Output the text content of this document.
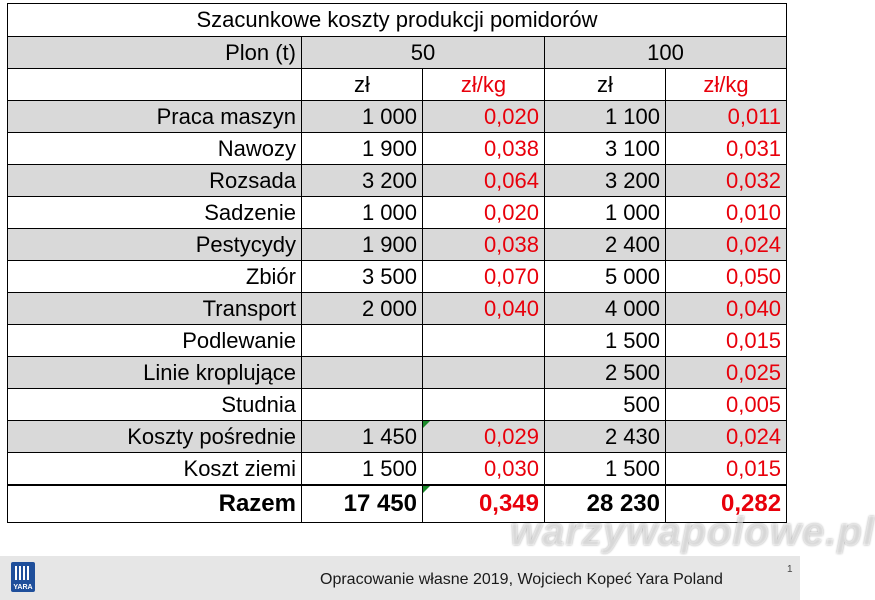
Szacunkowe koszty produkcji pomidorów				
Plon (t)	50		100	
	zł	zł/kg	zł	zł/kg
Praca maszyn	1 000	0,020	1 100	0,011
Nawozy	1 900	0,038	3 100	0,031
Rozsada	3 200	0,064	3 200	0,032
Sadzenie	1 000	0,020	1 000	0,010
Pestycydy	1 900	0,038	2 400	0,024
Zbiór	3 500	0,070	5 000	0,050
Transport	2 000	0,040	4 000	0,040
Podlewanie			1 500	0,015
Linie kroplujące			2 500	0,025
Studnia			500	0,005
Koszty pośrednie	1 450	0,029	2 430	0,024
Koszt ziemi	1 500	0,030	1 500	0,015
Razem	17 450	0,349	28 230	0,282
warzywapolowe.pl
YARA	Opracowanie własne 2019, Wojciech Kopeć Yara Poland
1
